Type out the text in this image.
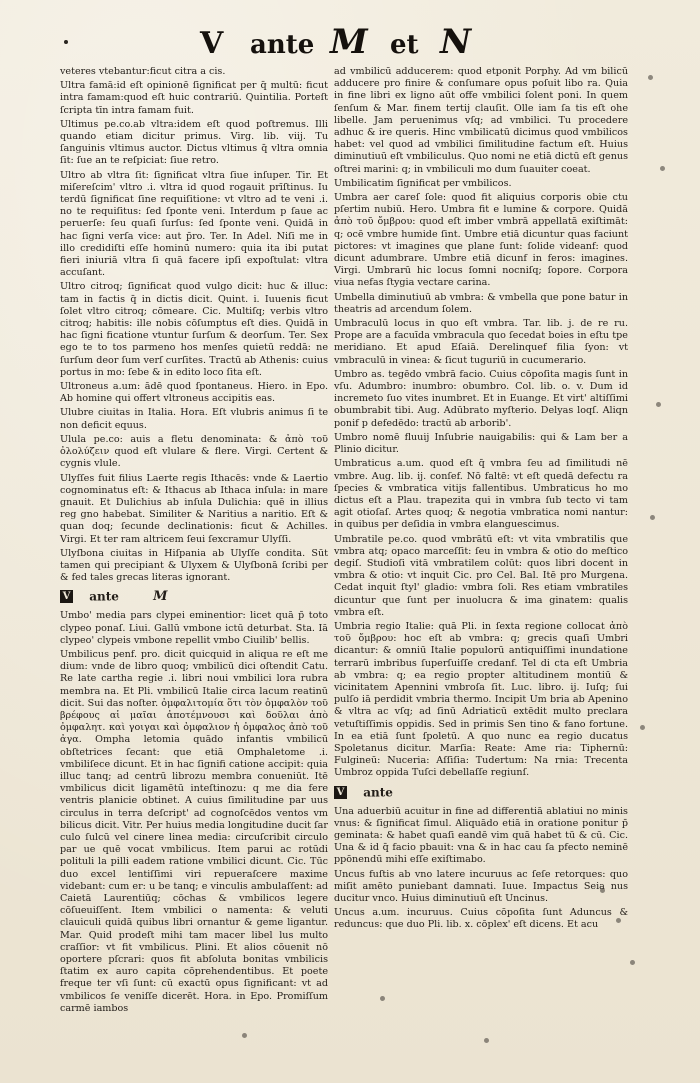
V ante M et N

veteres vtebantur:ficut citra a cis.

Ultra famā:id eſt opinionē ſignificat per q̄ multū: ficut intra famam:quod eſt huic contrariū. Quintilia. Porteſt ſcripta tīn intra famam fuit.

Ultimus pe.co.ab vltra:idem eſt quod poſtremus. Illi quando etiam dicitur primus. Virg. lib. viij. Tu ſanguinis vltimus auctor. Dictus vltimus q̄ vltra omnia ſit: ſue an te reſpiciat: ſiue retro.

Ultro ab vltra ſit: ſignificat vltra ſiue inſuper. Tir. Et miſereſcim' vltro .i. vltra id quod rogauit prīſtinus. Iu terdū ſignificat ſine requiſitione: vt vltro ad te veni .i. no te requiſitus: ſed ſponte veni. Interdum p ſaue ac peruerſe: ſeu quaſi ſurſus: ſed ſponte veni. Quidā in hac ſigni verſa vice: aut p̄ro. Ter. In Adel. Niſi me in illo credidiſti eſſe hominū numero: quia ita ibi putat fieri iniuriā vltra ſi quā facere ipſi expoſtulat: vltra accuſant.

Ultro citroq; ſignificat quod vulgo dicit: huc & illuc: tam in factis q̄ in dictis dicit. Quint. i. Iuuenis ficut ſolet vltro citroq; cōmeare. Cic. Multiſq; verbis vltro citroq; habitis: ille nobis cōſumptus eſt dies. Quidā in hac ſigni ficatione vtuntur ſurſum & deorſum. Ter. Sex ego te to tos parmeno hos menſes quietū reddā: ne ſurſum deor ſum verſ curſites. Tractū ab Athenis: cuius portus in mo: ſebe & in edito loco ſita eſt.

Ultroneus a.um: ādē quod ſpontaneus. Hiero. in Epo. Ab homine qui offert vltroneus accipitis eas.

Ulubre ciuitas in Italia. Hora. Eſt vlubris animus ſi te non deficit equus.

Ulula pe.co: auis a fletu denominata: & ἀπὸ τοῦ ὀλολύζειν quod eſt vlulare & flere. Virgi. Certent & cygnis vlule.

Ulyſſes fuit filius Laerte regis Ithacēs: vnde & Laertio cognominatus eſt: & Ithacus ab Ithaca inſula: in mare gnauit. Et Dulichius ab inſula Dulichia: quē in illius reg gno habebat. Similiter & Naritius a naritio. Eſt & quan doq; ſecunde declinationis: ficut & Achilles. Virgi. Et ter ram altricem ſeui ſexcramur Ulyſſi.

Ulyſbona ciuitas in Hiſpania ab Ulyſſe condita. Sūt tamen qui precipiant & Ulyxem & Ulyſbonā ſcribi per & fed tales grecas literas ignorant.

V ante	M

Umbo' media pars clypei eminentior: licet quā p̄ toto clypeo ponaſ. Liui. Gallū vmbone ictū deturbat. Sta. Iā clypeo' clypeis vmbone repellit vmbo Ciuilib' bellis.

Umbilicus penf. pro. dicit quicquid in aliqua re eſt me dium: vnde de libro quoq; vmbilicū dici oſtendit Catu. Re late cartha regie .i. libri noui vmbilici lora rubra membra na. Et Pli. vmbilicū Italie circa lacum reatinū dicit. Sui das noſter. ὀμφαλιτομία ὅτι τὸν ὀμφαλὸν τοῦ βρέφους αἱ μαῖαι ἀποτέμνουσι καὶ δοῦλαι ἀπὸ ὀμφαλητ. καὶ γοιγαι καὶ ὀμφαλιον ἡ ὀμφαλος ἀπὸ τοῦ ἀγα. Ompha letomia quādo infantis vmbilicū obſtetrices ſecant: que etiā Omphaletome .i. vmbiliſece dicunt. Et in hac ſignifi catione accipit: quia illuc tanq; ad centrū librozu membra conueniūt. Itē vmbilicus dicit ligamētū inteſtinozu: q me dia fere ventris planicie obtinet. A cuius ſimilitudine par uus circulus in terra deſcript' ad cognoſcēdos ventos vm bilicus dicit. Vitr. Per huius media longitudine ducit ſar culo ſulcū vel cinere linea media: circuſcribit circulo par ue quē vocat vmbilicus. Item parui ac rotūdi polituli la pilli eadem ratione vmbilici dicunt. Cic. Tūc duo excel lentiſſimi viri repueraſcere maxime videbant: cum er: u be tanq; e vinculis ambulaſſent: ad Caietā Laurentiūq; cōchas & vmbilicos legere cōſueuiſſent. Item vmbilici o namenta: & veluti clauiculi quidā quibus libri ornantur & geme ligantur. Mar. Quid prodeſt mihi tam macer libel lus multo craſſior: vt fit vmbilicus. Plini. Et alios cōuenit nō oportere pſcrari: quos fit abſoluta bonitas vmbilicis ſtatim ex auro capita cōprehendentibus. Et poete freque ter vſi ſunt: cū exactū opus ſignificant: vt ad vmbilicos ſe veniſſe dicerēt. Hora. in Epo. Promiſſum carmē iambos

ad vmbilicū adducerem: quod etponit Porphy. Ad vm bilicū adducere pro finire & conſumare opus poſuit libo ra. Quia in fine libri ex ligno aūt offe vmbilici ſolent poni. In quem ſenſum & Mar. finem tertij clauſit. Olle iam ſa tis eſt ohe libelle. Jam peruenimus vſq; ad vmbilici. Tu procedere adhuc & ire queris. Hinc vmbilicatū dicimus quod vmbilicos habet: vel quod ad vmbilici ſimilitudine factum eſt. Huius diminutiuū eſt vmbiliculus. Quo nomi ne etiā dictū eſt genus oſtrei marini: q; in vmbiliculi mo dum ſuauiter coeat.

Umbilicatim ſignificat per vmbilicos.

Umbra aer careſ ſole: quod fit aliquius corporis obie ctu pſertim nubiū. Hero. Umbra fit e lumine & corpore. Quidā ἀπὸ τοῦ ὄμβρου: quod eſt imber vmbrā appellatā exiſtimāt: q; ocē vmbre humide ſint. Umbre etiā dicuntur quas faciunt pictores: vt imagines que plane ſunt: ſolide videanf: quod dicunt adumbrare. Umbre etiā dicunf in feros: imagines. Virgi. Umbrarū hic locus ſomni nocniſq; ſopore. Corpora viua nefas ſtygia vectare carina.

Umbella diminutiuū ab vmbra: & vmbella que pone batur in theatris ad arcendum ſolem.

Umbraculū locus in quo eſt vmbra. Tar. lib. j. de re ru. Prope are a facuīda vmbracula quo ſecedat boies in eſtu tpe meridiano. Et apud Eſaiā. Derelinquef filia ſyon: vt vmbraculū in vinea: & ſicut tuguriū in cucumerario.

Umbro as. tegēdo vmbrā facio. Cuius cōpoſita magis ſunt in vſu. Adumbro: inumbro: obumbro. Col. lib. o. v. Dum id incremeto ſuo vites inumbret. Et in Euange. Et virt' altiſſimi obumbrabit tibi. Aug. Adūbrato myſterio. Delyas loqſ. Aliqn ponif p defedēdo: tractū ab arborib'.

Umbro nomē fluuij Inſubrie nauigabilis: qui & Lam ber a Plinio dicitur.

Umbraticus a.um. quod eſt q̄ vmbra ſeu ad ſimilitudi nē vmbre. Aug. lib. ij. conſef. Nō faltē: vt eſt quedā defectu ra ſpecies & vmbratica vitijs fallentibus. Umbraticus ho mo dictus eſt a Plau. trapezita qui in vmbra ſub tecto vi tam agit otioſaſ. Artes quoq; & negotia vmbratica nomi nantur: in quibus per deſidia in vmbra elanguescimus.

Umbratile pe.co. quod vmbrātū eſt: vt vita vmbratilis que vmbra atq; opaco marceſſit: ſeu in vmbra & otio do meſtico degiſ. Studioſi vitā vmbratilem colūt: quos libri docent in vmbra & otio: vt inquit Cic. pro Cel. Bal. Itē pro Murgena. Cedat inquit ſtyl' gladio: vmbra ſoli. Res etiam vmbratiles dicuntur que ſunt per inuolucra & ima ginatem: qualis vmbra eſt.

Umbria regio Italie: quā Pli. in ſexta regione collocat ἀπὸ τοῦ ὄμβρου: hoc eſt ab vmbra: q; grecis quaſi Umbri dicantur: & omniū Italie populorū antiquiſſimi inundatione terrarū imbribus ſuperſuiſſe credanf. Tel di cta eſt Umbria ab vmbra: q; ea regio propter altitudinem montiū & vicinitatem Apennini vmbroſa ſit. Luc. libro. ij. Iuſq; ſui pulſo iā perdidit vmbria thermo. Incipit Um bria ab Apenino & vltra ac vſq; ad ſinū Adriaticū extēdit multo preclara vetuſtiſſimis oppidis. Sed in primis Sen tino & fano fortune. In ea etiā ſunt ſpoletū. A quo nunc ea regio ducatus Spoletanus dicitur. Marſia: Reate: Ame ria: Tiphernū: Fulgineū: Nuceria: Aſſiſia: Tudertum: Na rnia: Trecenta Umbroz oppida Tuſci debellaſſe regiunſ.

V ante

Una aduerbiū acuitur in fine ad differentiā ablatiui no minis vnus: & ſignificat ſimul. Aliquādo etiā in oratione ponitur p̄ geminata: & habet quaſi eandē vim quā habet tū & cū. Cic. Una & id q̄ facio pbauit: vna & in hac cau ſa pfecto neminē ppōnendū mihi eſſe exiſtimabo.

Uncus fuſtis ab vno latere incuruus ac ſeſe retorques: quo miſit amēto puniebant damnati. Iuue. Impactus Seia nus ducitur vnco. Huius diminutiuū eſt Uncinus.

Uncus a.um. incuruus. Cuius cōpoſita ſunt Aduncus & reduncus: que duo Pli. lib. x. cōplex' eſt dicens. Et acu
